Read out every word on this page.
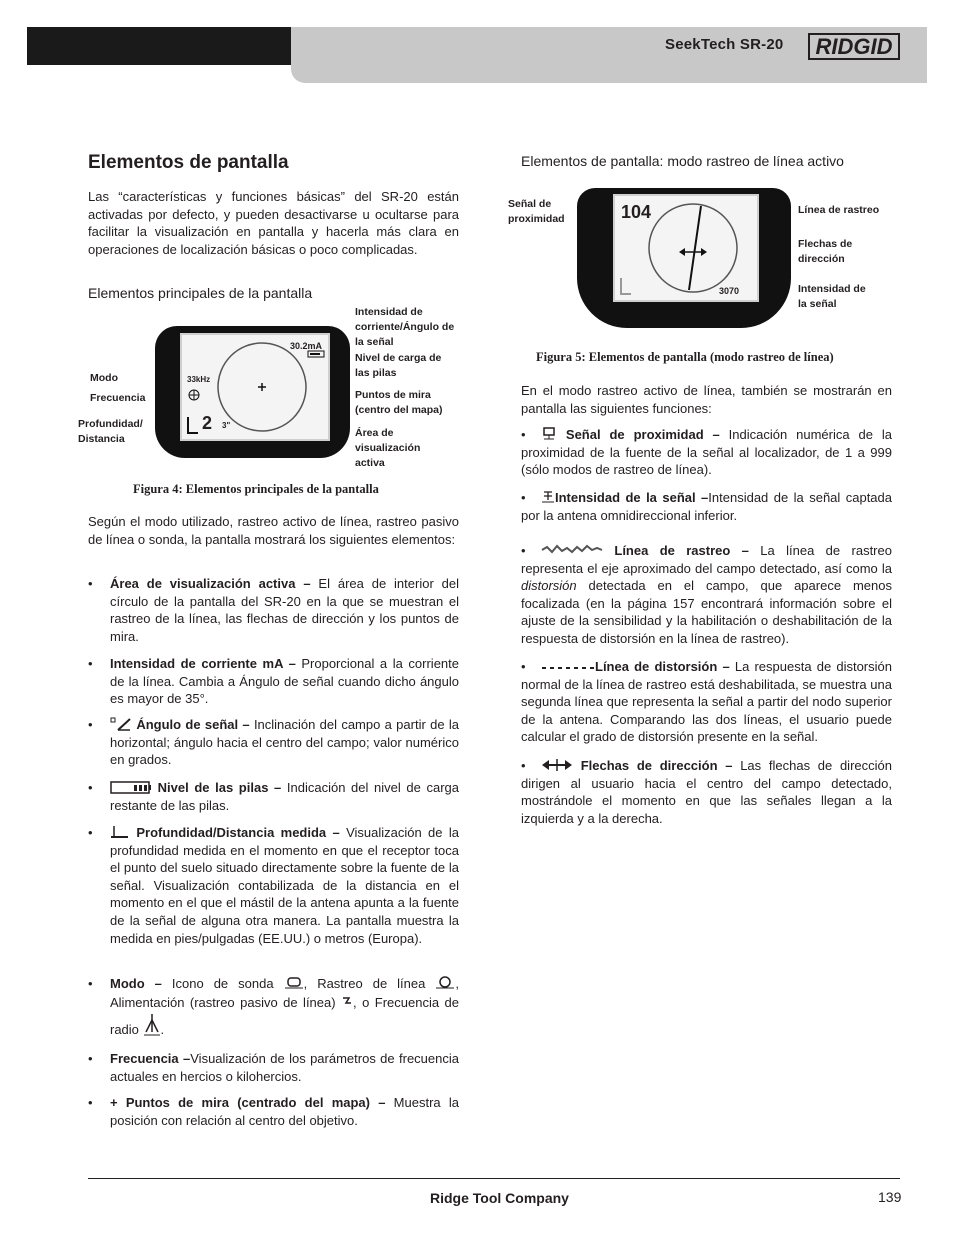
SeekTech SR-20 RIDGID
Elementos de pantalla

Las “características y funciones básicas” del SR-20 están activadas por defecto, y pueden desactivarse u ocultarse para facilitar la visualización en pantalla y hacerla más clara en operaciones de localización básicas o poco complicadas.

Elementos principales de la pantalla
30.2mA
33kHz
2 3"
Modo
Frecuencia
Profundidad/ Distancia
Intensidad de corriente/Ángulo de la señal
Nivel de carga de las pilas
Puntos de mira (centro del mapa)
Área de visualización activa
Figura 4: Elementos principales de la pantalla

Según el modo utilizado, rastreo activo de línea, rastreo pasivo de línea o sonda, la pantalla mostrará los siguientes elementos:

• Área de visualización activa – El área de interior del círculo de la pantalla del SR-20 en la que se muestran el rastreo de la línea, las flechas de dirección y los puntos de mira.
• Intensidad de corriente mA – Proporcional a la corriente de la línea. Cambia a Ángulo de señal cuando dicho ángulo es mayor de 35°.
•	Ángulo de señal – Inclinación del campo a partir de la horizontal; ángulo hacia el centro del campo; valor numérico en grados.
•	Nivel de las pilas – Indicación del nivel de carga restante de las pilas.
•	Profundidad/Distancia medida – Visualización de la profundidad medida en el momento en que el receptor toca el punto del suelo situado directamente sobre la fuente de la señal. Visualización contabilizada de la distancia en el momento en el que el mástil de la antena apunta a la fuente de la señal de alguna otra manera. La pantalla muestra la medida en pies/pulgadas (EE.UU.) o metros (Europa).
• Modo – Icono de sonda , Rastreo de línea , Alimentación (rastreo pasivo de línea) , o Frecuencia de radio .
• Frecuencia –Visualización de los parámetros de frecuencia actuales en hercios o kilohercios.
• + Puntos de mira (centrado del mapa) – Muestra la posición con relación al centro del objetivo.
Elementos de pantalla: modo rastreo de línea activo
104
3070
Señal de proximidad
Línea de rastreo
Flechas de dirección
Intensidad de la señal
Figura 5: Elementos de pantalla (modo rastreo de línea)

En el modo rastreo activo de línea, también se mostrarán en pantalla las siguientes funciones:

•	Señal de proximidad – Indicación numérica de la proximidad de la fuente de la señal al localizador, de 1 a 999 (sólo modos de rastreo de línea).
• Intensidad de la señal –Intensidad de la señal captada por la antena omnidireccional inferior.
•	Línea de rastreo – La línea de rastreo representa el eje aproximado del campo detectado, así como la distorsión detectada en el campo, que aparece menos focalizada (en la página 157 encontrará información sobre el ajuste de la sensibilidad y la habilitación o deshabilitación de la respuesta de distorsión en la línea de rastreo).
•	Línea de distorsión – La respuesta de distorsión normal de la línea de rastreo está deshabilitada, se muestra una segunda línea que representa la señal a partir del nodo superior de la antena. Comparando las dos líneas, el usuario puede calcular el grado de distorsión presente en la señal.
•	Flechas de dirección – Las flechas de dirección dirigen al usuario hacia el centro del campo detectado, mostrándole el momento en que las señales llegan a la izquierda y a la derecha.
Ridge Tool Company	139
